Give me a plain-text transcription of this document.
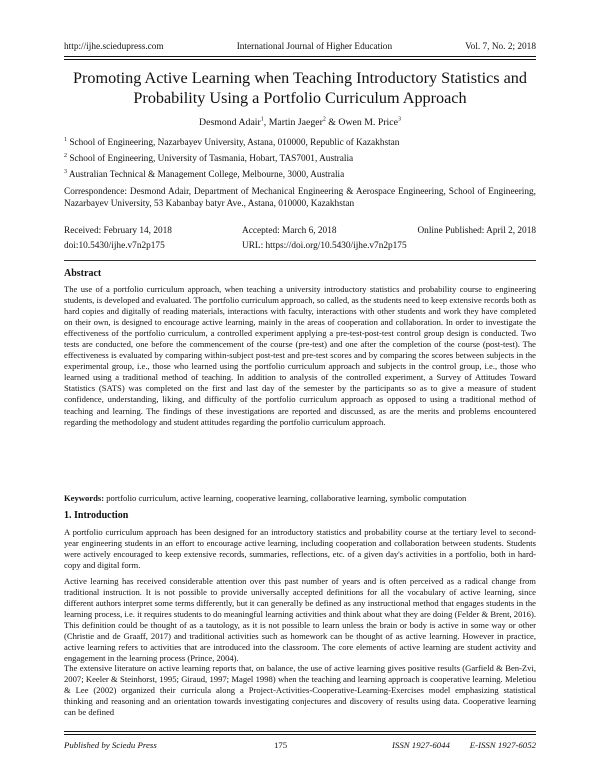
http://ijhe.sciedupress.com	International Journal of Higher Education	Vol. 7, No. 2; 2018
Promoting Active Learning when Teaching Introductory Statistics and
Probability Using a Portfolio Curriculum Approach
Desmond Adair$^1$, Martin Jaeger$^2$ & Owen M. Price$^3$
$^1$ School of Engineering, Nazarbayev University, Astana, 010000, Republic of Kazakhstan
$^2$ School of Engineering, University of Tasmania, Hobart, TAS7001, Australia
$^3$ Australian Technical & Management College, Melbourne, 3000, Australia
Correspondence: Desmond Adair, Department of Mechanical Engineering & Aerospace Engineering, School of Engineering, Nazarbayev University, 53 Kabanbay batyr Ave., Astana, 010000, Kazakhstan
Received: February 14, 2018	Accepted: March 6, 2018	Online Published: April 2, 2018
doi:10.5430/ijhe.v7n2p175	URL: https://doi.org/10.5430/ijhe.v7n2p175
Abstract
The use of a portfolio curriculum approach, when teaching a university introductory statistics and probability course to engineering students, is developed and evaluated. The portfolio curriculum approach, so called, as the students need to keep extensive records both as hard copies and digitally of reading materials, interactions with faculty, interactions with other students and work they have completed on their own, is designed to encourage active learning, mainly in the areas of cooperation and collaboration. In order to investigate the effectiveness of the portfolio curriculum, a controlled experiment applying a pre-test-post-test control group design is conducted. Two tests are conducted, one before the commencement of the course (pre-test) and one after the completion of the course (post-test). The effectiveness is evaluated by comparing within-subject post-test and pre-test scores and by comparing the scores between subjects in the experimental group, i.e., those who learned using the portfolio curriculum approach and subjects in the control group, i.e., those who learned using a traditional method of teaching. In addition to analysis of the controlled experiment, a Survey of Attitudes Toward Statistics (SATS) was completed on the first and last day of the semester by the participants so as to give a measure of student confidence, understanding, liking, and difficulty of the portfolio curriculum approach as opposed to using a traditional method of teaching and learning. The findings of these investigations are reported and discussed, as are the merits and problems encountered regarding the methodology and student attitudes regarding the portfolio curriculum approach.
Keywords: portfolio curriculum, active learning, cooperative learning, collaborative learning, symbolic computation
1. Introduction
A portfolio curriculum approach has been designed for an introductory statistics and probability course at the tertiary level to second-year engineering students in an effort to encourage active learning, including cooperation and collaboration between students. Students were actively encouraged to keep extensive records, summaries, reflections, etc. of a given day's activities in a portfolio, both in hard-copy and digital form.
Active learning has received considerable attention over this past number of years and is often perceived as a radical change from traditional instruction. It is not possible to provide universally accepted definitions for all the vocabulary of active learning, since different authors interpret some terms differently, but it can generally be defined as any instructional method that engages students in the learning process, i.e. it requires students to do meaningful learning activities and think about what they are doing (Felder & Brent, 2016). This definition could be thought of as a tautology, as it is not possible to learn unless the brain or body is active in some way or other (Christie and de Graaff, 2017) and traditional activities such as homework can be thought of as active learning. However in practice, active learning refers to activities that are introduced into the classroom. The core elements of active learning are student activity and engagement in the learning process (Prince, 2004).
The extensive literature on active learning reports that, on balance, the use of active learning gives positive results (Garfield & Ben-Zvi, 2007; Keeler & Steinhorst, 1995; Giraud, 1997; Magel 1998) when the teaching and learning approach is cooperative learning. Meletiou & Lee (2002) organized their curricula along a Project-Activities-Cooperative-Learning-Exercises model emphasizing statistical thinking and reasoning and an orientation towards investigating conjectures and discovery of results using data. Cooperative learning can be defined
Published by Sciedu Press	175	ISSN 1927-6044 E-ISSN 1927-6052
